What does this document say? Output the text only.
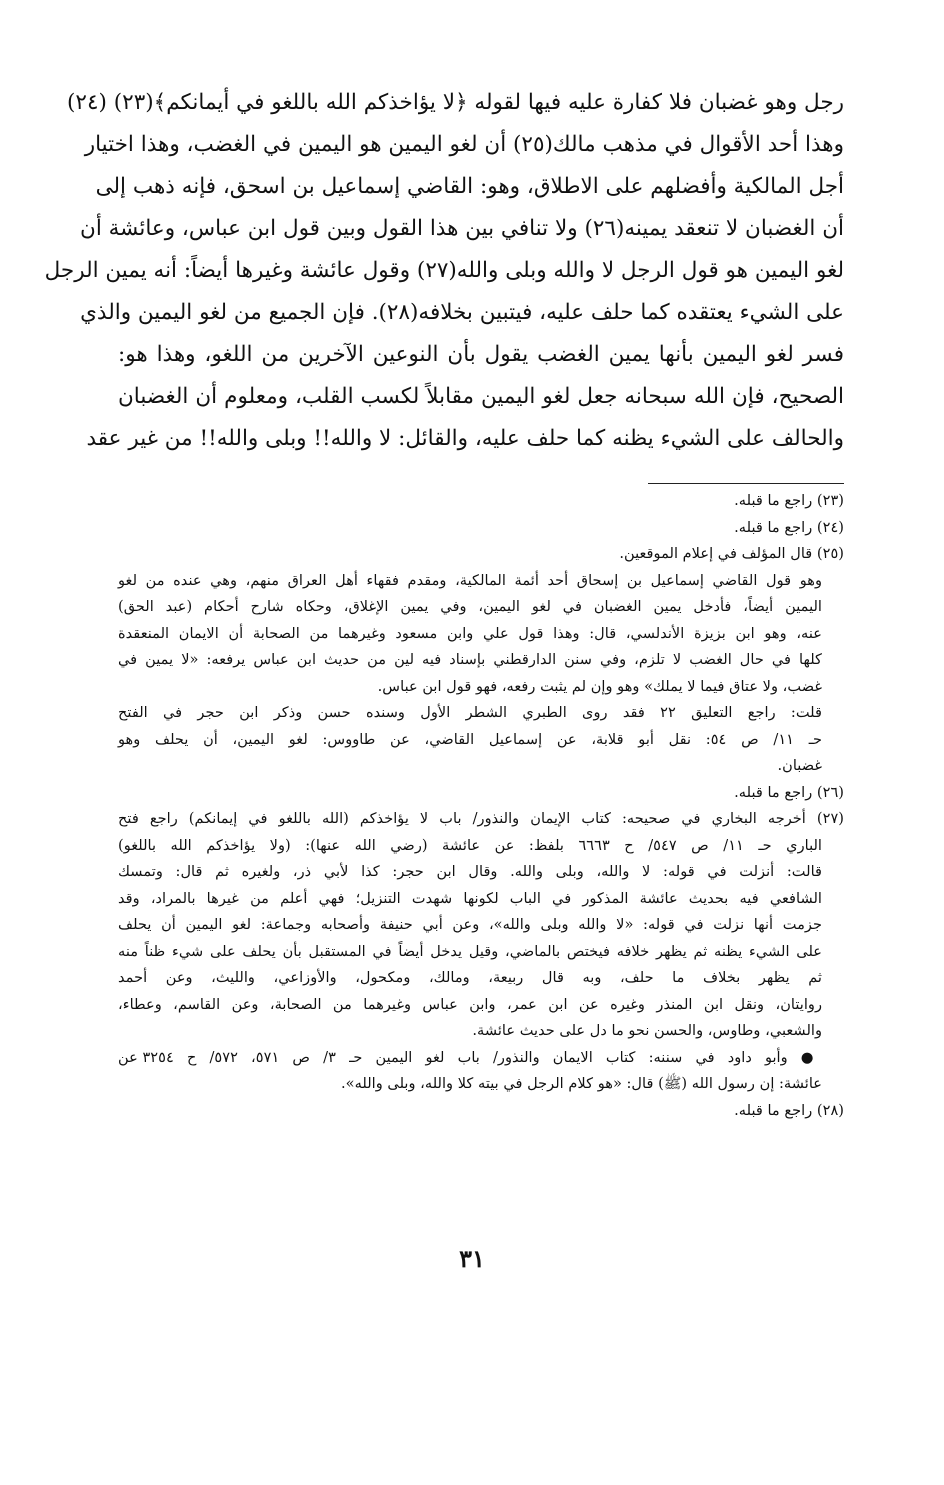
رجل وهو غضبان فلا كفارة عليه فيها لقوله ﴿لا يؤاخذكم الله باللغو في أيمانكم﴾(٢٣) (٢٤)
وهذا أحد الأقوال في مذهب مالك(٢٥) أن لغو اليمين هو اليمين في الغضب، وهذا اختيار
أجل المالكية وأفضلهم على الاطلاق، وهو: القاضي إسماعيل بن اسحق، فإنه ذهب إلى
أن الغضبان لا تنعقد يمينه(٢٦) ولا تنافي بين هذا القول وبين قول ابن عباس، وعائشة أن
لغو اليمين هو قول الرجل لا والله وبلى والله(٢٧) وقول عائشة وغيرها أيضاً: أنه يمين الرجل
على الشيء يعتقده كما حلف عليه، فيتبين بخلافه(٢٨). فإن الجميع من لغو اليمين والذي
فسر لغو اليمين بأنها يمين الغضب يقول بأن النوعين الآخرين من اللغو، وهذا هو:
الصحيح، فإن الله سبحانه جعل لغو اليمين مقابلاً لكسب القلب، ومعلوم أن الغضبان
والحالف على الشيء يظنه كما حلف عليه، والقائل: لا والله!! وبلى والله!! من غير عقد
(٢٣) راجع ما قبله.
(٢٤) راجع ما قبله.
(٢٥) قال المؤلف في إعلام الموقعين.
وهو قول القاضي إسماعيل بن إسحاق أحد أئمة المالكية، ومقدم فقهاء أهل العراق منهم، وهي عنده من لغو
اليمين أيضاً، فأدخل يمين الغضبان في لغو اليمين، وفي يمين الإغلاق، وحكاه شارح أحكام (عبد الحق)
عنه، وهو ابن بزيزة الأندلسي، قال: وهذا قول علي وابن مسعود وغيرهما من الصحابة أن الايمان المنعقدة
كلها في حال الغضب لا تلزم، وفي سنن الدارقطني بإسناد فيه لين من حديث ابن عباس يرفعه: «لا يمين في
غضب، ولا عتاق فيما لا يملك» وهو وإن لم يثبت رفعه، فهو قول ابن عباس.
قلت: راجع التعليق ٢٢ فقد روى الطبري الشطر الأول وسنده حسن وذكر ابن حجر في الفتح
حـ ١١/ ص ٥٤: نقل أبو قلابة، عن إسماعيل القاضي، عن طاووس: لغو اليمين، أن يحلف وهو
غضبان.
(٢٦) راجع ما قبله.
(٢٧) أخرجه البخاري في صحيحه: كتاب الإيمان والنذور/ باب لا يؤاخذكم (الله باللغو في إيمانكم) راجع فتح
الباري حـ ١١/ ص ٥٤٧/ ح ٦٦٦٣ بلفظ: عن عائشة (رضي الله عنها): (ولا يؤاخذكم الله باللغو)
قالت: أنزلت في قوله: لا والله، وبلى والله. وقال ابن حجر: كذا لأبي ذر، ولغيره ثم قال: وتمسك
الشافعي فيه بحديث عائشة المذكور في الباب لكونها شهدت التنزيل؛ فهي أعلم من غيرها بالمراد، وقد
جزمت أنها نزلت في قوله: «لا والله وبلى والله»، وعن أبي حنيفة وأصحابه وجماعة: لغو اليمين أن يحلف
على الشيء يظنه ثم يظهر خلافه فيختص بالماضي، وقيل يدخل أيضاً في المستقبل بأن يحلف على شيء ظناً منه
ثم يظهر بخلاف ما حلف، وبه قال ربيعة، ومالك، ومكحول، والأوزاعي، والليث، وعن أحمد
روايتان، ونقل ابن المنذر وغيره عن ابن عمر، وابن عباس وغيرهما من الصحابة، وعن القاسم، وعطاء،
والشعبي، وطاوس، والحسن نحو ما دل على حديث عائشة.
● وأبو داود في سننه: كتاب الايمان والنذور/ باب لغو اليمين حـ ٣/ ص ٥٧١، ٥٧٢/ ح ٣٢٥٤ عن
عائشة: إن رسول الله (ﷺ) قال: «هو كلام الرجل في بيته كلا والله، وبلى والله».
(٢٨) راجع ما قبله.
٣١
